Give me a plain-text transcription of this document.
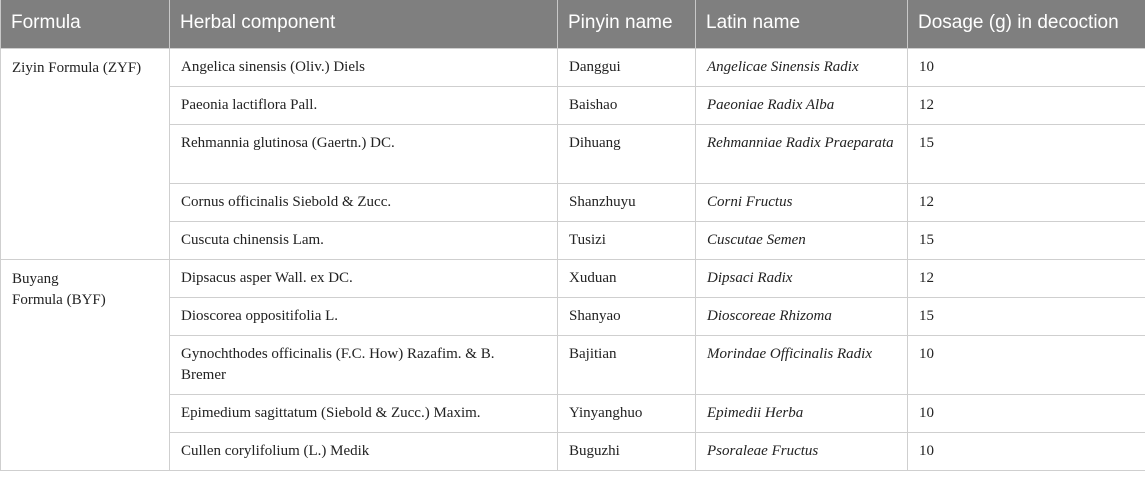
Formula	Herbal component	Pinyin name	Latin name	Dosage (g) in decoction
Ziyin Formula (ZYF)	Angelica sinensis (Oliv.) Diels	Danggui	Angelicae Sinensis Radix	10
	Paeonia lactiflora Pall.	Baishao	Paeoniae Radix Alba	12
	Rehmannia glutinosa (Gaertn.) DC.	Dihuang	Rehmanniae Radix Praeparata	15
	Cornus officinalis Siebold & Zucc.	Shanzhuyu	Corni Fructus	12
	Cuscuta chinensis Lam.	Tusizi	Cuscutae Semen	15
Buyang Formula (BYF)	Dipsacus asper Wall. ex DC.	Xuduan	Dipsaci Radix	12
	Dioscorea oppositifolia L.	Shanyao	Dioscoreae Rhizoma	15
	Gynochthodes officinalis (F.C. How) Razafim. & B. Bremer	Bajitian	Morindae Officinalis Radix	10
	Epimedium sagittatum (Siebold & Zucc.) Maxim.	Yinyanghuo	Epimedii Herba	10
	Cullen corylifolium (L.) Medik	Buguzhi	Psoraleae Fructus	10
